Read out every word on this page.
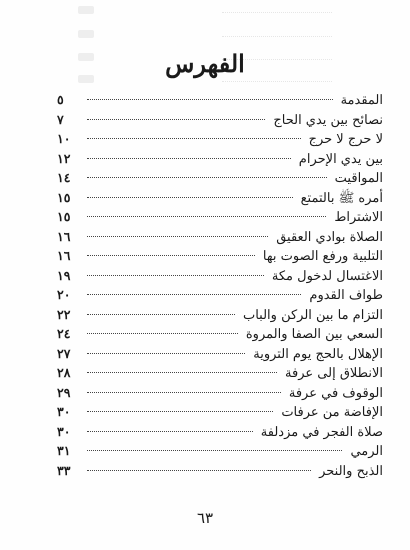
الفهرس
المقدمة
٥
نصائح بين يدي الحاج
٧
لا حرج لا حرج
١٠
بين يدي الإحرام
١٢
المواقيت
١٤
أمره ﷺ بالتمتع
١٥
الاشتراط
١٥
الصلاة بوادي العقيق
١٦
التلبية ورفع الصوت بها
١٦
الاغتسال لدخول مكة
١٩
طواف القدوم
٢٠
التزام ما بين الركن والباب
٢٢
السعي بين الصفا والمروة
٢٤
الإهلال بالحج يوم التروية
٢٧
الانطلاق إلى عرفة
٢٨
الوقوف في عرفة
٢٩
الإفاضة من عرفات
٣٠
صلاة الفجر في مزدلفة
٣٠
الرمي
٣١
الذبح والنحر
٣٣
٦٣
